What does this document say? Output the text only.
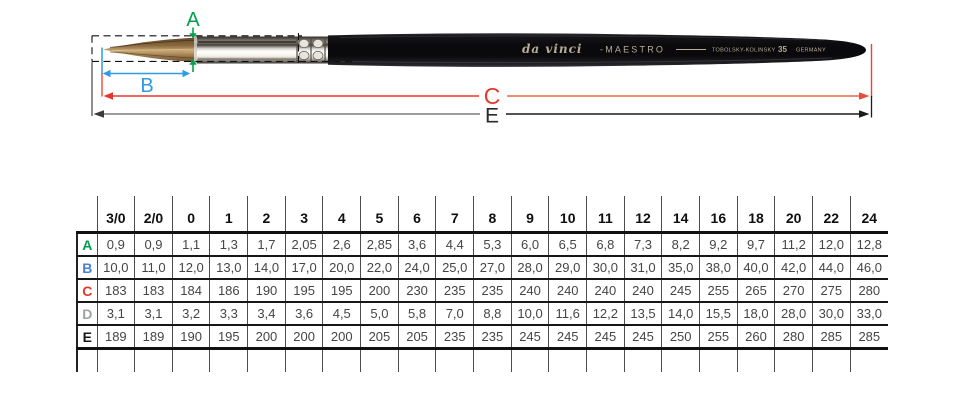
da vinci -MAESTRO	TOBOLSKY-KOLINSKY 35 GERMANY
A
B	C
E
	3/0	2/0	0	1	2	3	4	5	6	7	8	9	10	11	12	14	16	18	20	22	24
A	0,9	0,9	1,1	1,3	1,7	2,05	2,6	2,85	3,6	4,4	5,3	6,0	6,5	6,8	7,3	8,2	9,2	9,7	11,2	12,0	12,8
B	10,0	11,0	12,0	13,0	14,0	17,0	20,0	22,0	24,0	25,0	27,0	28,0	29,0	30,0	31,0	35,0	38,0	40,0	42,0	44,0	46,0
C	183	183	184	186	190	195	195	200	230	235	235	240	240	240	240	245	255	265	270	275	280
D	3,1	3,1	3,2	3,3	3,4	3,6	4,5	5,0	5,8	7,0	8,8	10,0	11,6	12,2	13,5	14,0	15,5	18,0	28,0	30,0	33,0
E	189	189	190	195	200	200	200	205	205	235	235	245	245	245	245	250	255	260	280	285	285
